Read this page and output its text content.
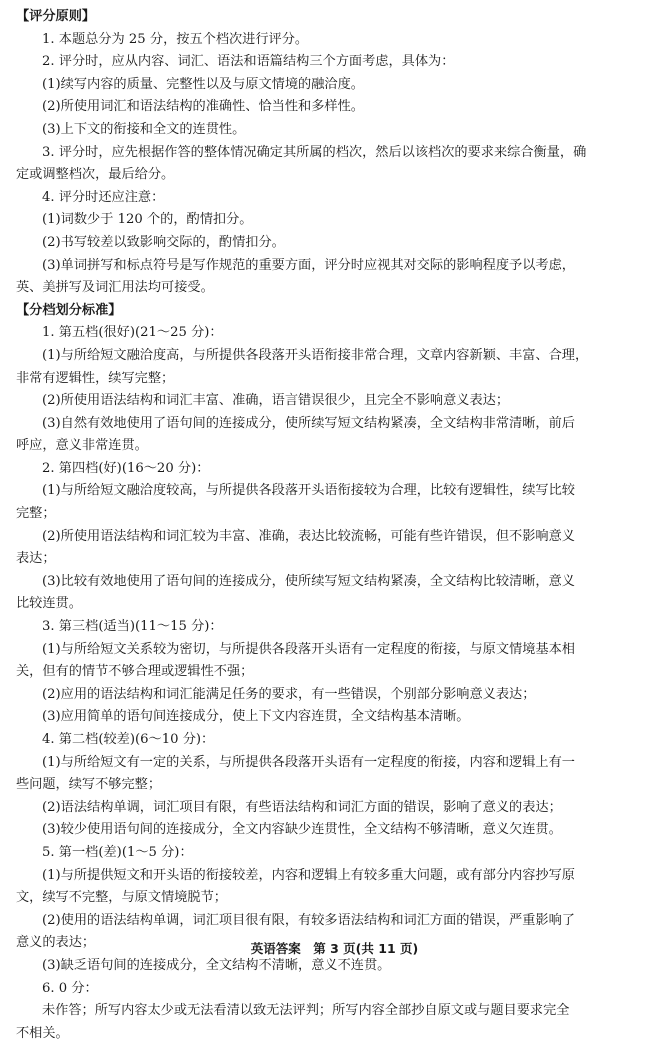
【评分原则】
1. 本题总分为 25 分，按五个档次进行评分。
2. 评分时，应从内容、词汇、语法和语篇结构三个方面考虑，具体为：
(1)续写内容的质量、完整性以及与原文情境的融洽度。
(2)所使用词汇和语法结构的准确性、恰当性和多样性。
(3)上下文的衔接和全文的连贯性。
3. 评分时，应先根据作答的整体情况确定其所属的档次，然后以该档次的要求来综合衡量，确
定或调整档次，最后给分。
4. 评分时还应注意：
(1)词数少于 120 个的，酌情扣分。
(2)书写较差以致影响交际的，酌情扣分。
(3)单词拼写和标点符号是写作规范的重要方面，评分时应视其对交际的影响程度予以考虑，
英、美拼写及词汇用法均可接受。
【分档划分标准】
1. 第五档(很好)(21～25 分)：
(1)与所给短文融洽度高，与所提供各段落开头语衔接非常合理，文章内容新颖、丰富、合理，
非常有逻辑性，续写完整；
(2)所使用语法结构和词汇丰富、准确，语言错误很少，且完全不影响意义表达；
(3)自然有效地使用了语句间的连接成分，使所续写短文结构紧凑，全文结构非常清晰，前后
呼应，意义非常连贯。
2. 第四档(好)(16～20 分)：
(1)与所给短文融洽度较高，与所提供各段落开头语衔接较为合理，比较有逻辑性，续写比较
完整；
(2)所使用语法结构和词汇较为丰富、准确，表达比较流畅，可能有些许错误，但不影响意义
表达；
(3)比较有效地使用了语句间的连接成分，使所续写短文结构紧凑，全文结构比较清晰，意义
比较连贯。
3. 第三档(适当)(11～15 分)：
(1)与所给短文关系较为密切，与所提供各段落开头语有一定程度的衔接，与原文情境基本相
关，但有的情节不够合理或逻辑性不强；
(2)应用的语法结构和词汇能满足任务的要求，有一些错误，个别部分影响意义表达；
(3)应用简单的语句间连接成分，使上下文内容连贯，全文结构基本清晰。
4. 第二档(较差)(6～10 分)：
(1)与所给短文有一定的关系，与所提供各段落开头语有一定程度的衔接，内容和逻辑上有一
些问题，续写不够完整；
(2)语法结构单调，词汇项目有限，有些语法结构和词汇方面的错误，影响了意义的表达；
(3)较少使用语句间的连接成分，全文内容缺少连贯性，全文结构不够清晰，意义欠连贯。
5. 第一档(差)(1～5 分)：
(1)与所提供短文和开头语的衔接较差，内容和逻辑上有较多重大问题，或有部分内容抄写原
文，续写不完整，与原文情境脱节；
(2)使用的语法结构单调，词汇项目很有限，有较多语法结构和词汇方面的错误，严重影响了
意义的表达；
(3)缺乏语句间的连接成分，全文结构不清晰，意义不连贯。
6. 0 分：
未作答；所写内容太少或无法看清以致无法评判；所写内容全部抄自原文或与题目要求完全
不相关。
英语答案　第 3 页(共 11 页)
